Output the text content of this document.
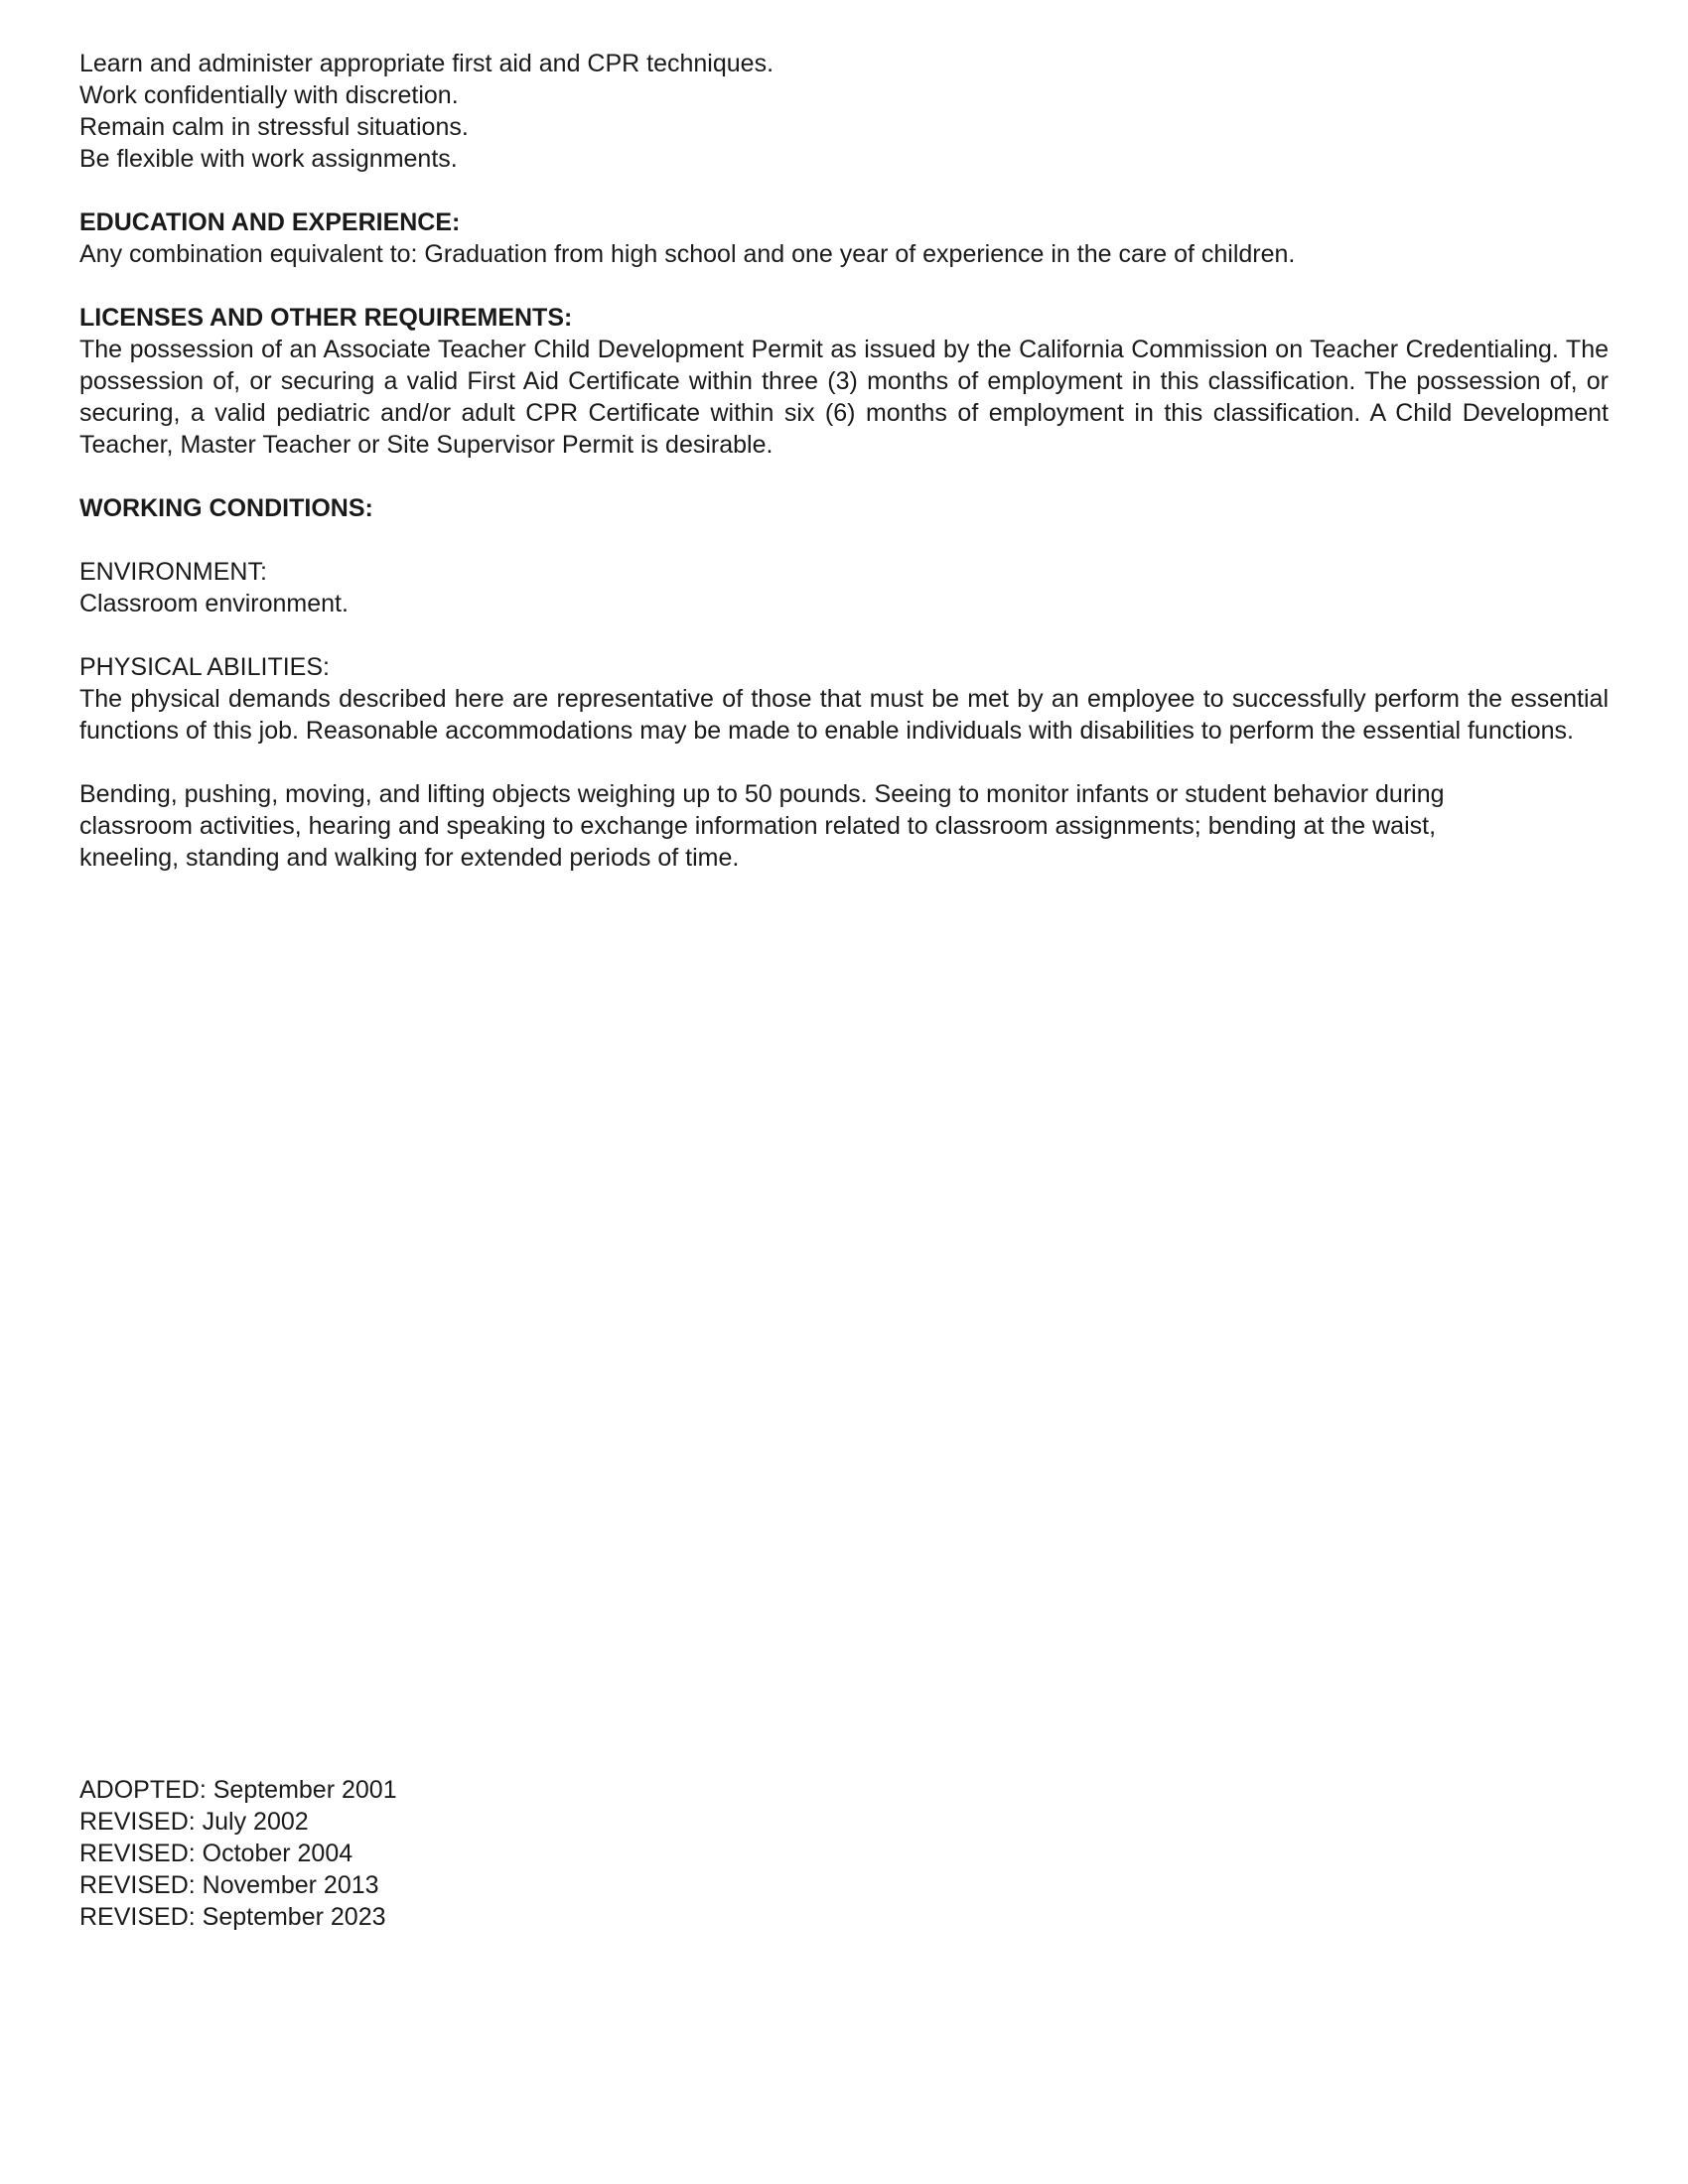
Learn and administer appropriate first aid and CPR techniques.
Work confidentially with discretion.
Remain calm in stressful situations.
Be flexible with work assignments.
EDUCATION AND EXPERIENCE:

Any combination equivalent to: Graduation from high school and one year of experience in the care of children.

LICENSES AND OTHER REQUIREMENTS:

The possession of an Associate Teacher Child Development Permit as issued by the California Commission on Teacher Credentialing. The possession of, or securing a valid First Aid Certificate within three (3) months of employment in this classification. The possession of, or securing, a valid pediatric and/or adult CPR Certificate within six (6) months of employment in this classification. A Child Development Teacher, Master Teacher or Site Supervisor Permit is desirable.

WORKING CONDITIONS:
ENVIRONMENT:
Classroom environment.
PHYSICAL ABILITIES:

The physical demands described here are representative of those that must be met by an employee to successfully perform the essential functions of this job. Reasonable accommodations may be made to enable individuals with disabilities to perform the essential functions.

Bending, pushing, moving, and lifting objects weighing up to 50 pounds. Seeing to monitor infants or student behavior during classroom activities, hearing and speaking to exchange information related to classroom assignments; bending at the waist, kneeling, standing and walking for extended periods of time.

ADOPTED: September 2001
REVISED: July 2002
REVISED: October 2004
REVISED: November 2013
REVISED: September 2023
